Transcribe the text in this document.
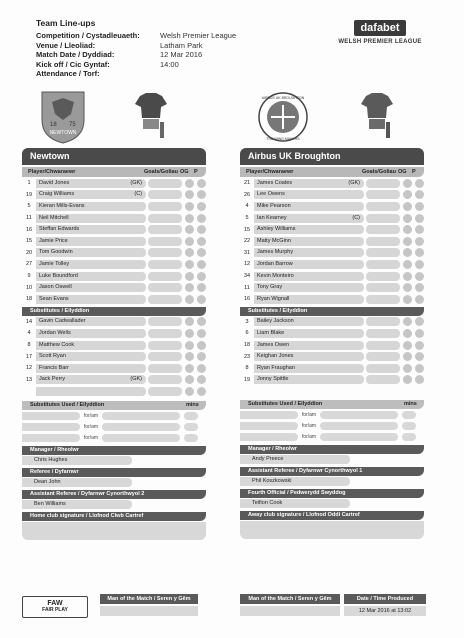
Team Line-ups
Competition / Cystadleuaeth:	Welsh Premier League
Venue / Lleoliad:	Latham Park
Match Date / Dyddiad:	12 Mar 2016
Kick off / Cic Gyntaf:	14:00
Attendance / Torf:
dafabet
WELSH PREMIER LEAGUE
18 75
NEWTOWN
AIRBUS UK BROUGHTON
THE WING MAKERS
Newtown
Player/Chwaraewr	Goals/Goliau OG P
1	David Jones	(GK)
19	Craig Williams	(C)
5	Kieran Mills-Evans
11	Neil Mitchell
16	Steffan Edwards
15	Jamie Price
20	Tom Goodwin
27	Jamie Tolley
9	Luke Boundford
10	Jason Oswell
18	Sean Evans
Substitutes / Eilyddion
14	Gavin Cadwallader
4	Jordan Wells
8	Matthew Cook
17	Scott Ryan
12	Francis Barr
13	Jack Perry	(GK)
Substitutes Used / Eilyddion	mins
for/am
for/am
for/am
Manager / Rheolwr
Chris Hughes
Referee / Dyfarnwr
Dean John
Assistant Referee / Dyfarnwr Cynorthwyol 2
Ben Williams
Home club signature / Llofnod Clwb Cartref
Airbus UK Broughton
Player/Chwaraewr	Goals/Goliau OG P
21	James Coates	(GK)
26	Lee Owens
4	Mike Pearson
5	Ian Kearney	(C)
15	Ashley Williams
22	Matty McGinn
31	James Murphy
12	Jordan Barrow
34	Kevin Monteiro
11	Tony Gray
16	Ryan Wignall
Substitutes / Eilyddion
3	Bailey Jackson
6	Liam Blake
18	James Owen
23	Keighan Jones
8	Ryan Fraughan
19	Jonny Spittle
Substitutes Used / Eilyddion	mins
for/am
for/am
for/am
Manager / Rheolwr
Andy Preece
Assistant Referee / Dyfarnwr Cynorthwyol 1
Phil Koszkowski
Fourth Official / Pedwerydd Swyddog
Teifion Cook
Away club signature / Llofnod Oddi Cartref
FAW
FAIR PLAY
Man of the Match / Seren y Gêm	Man of the Match / Seren y Gêm	Date / Time Produced
12 Mar 2016 at 13:02
